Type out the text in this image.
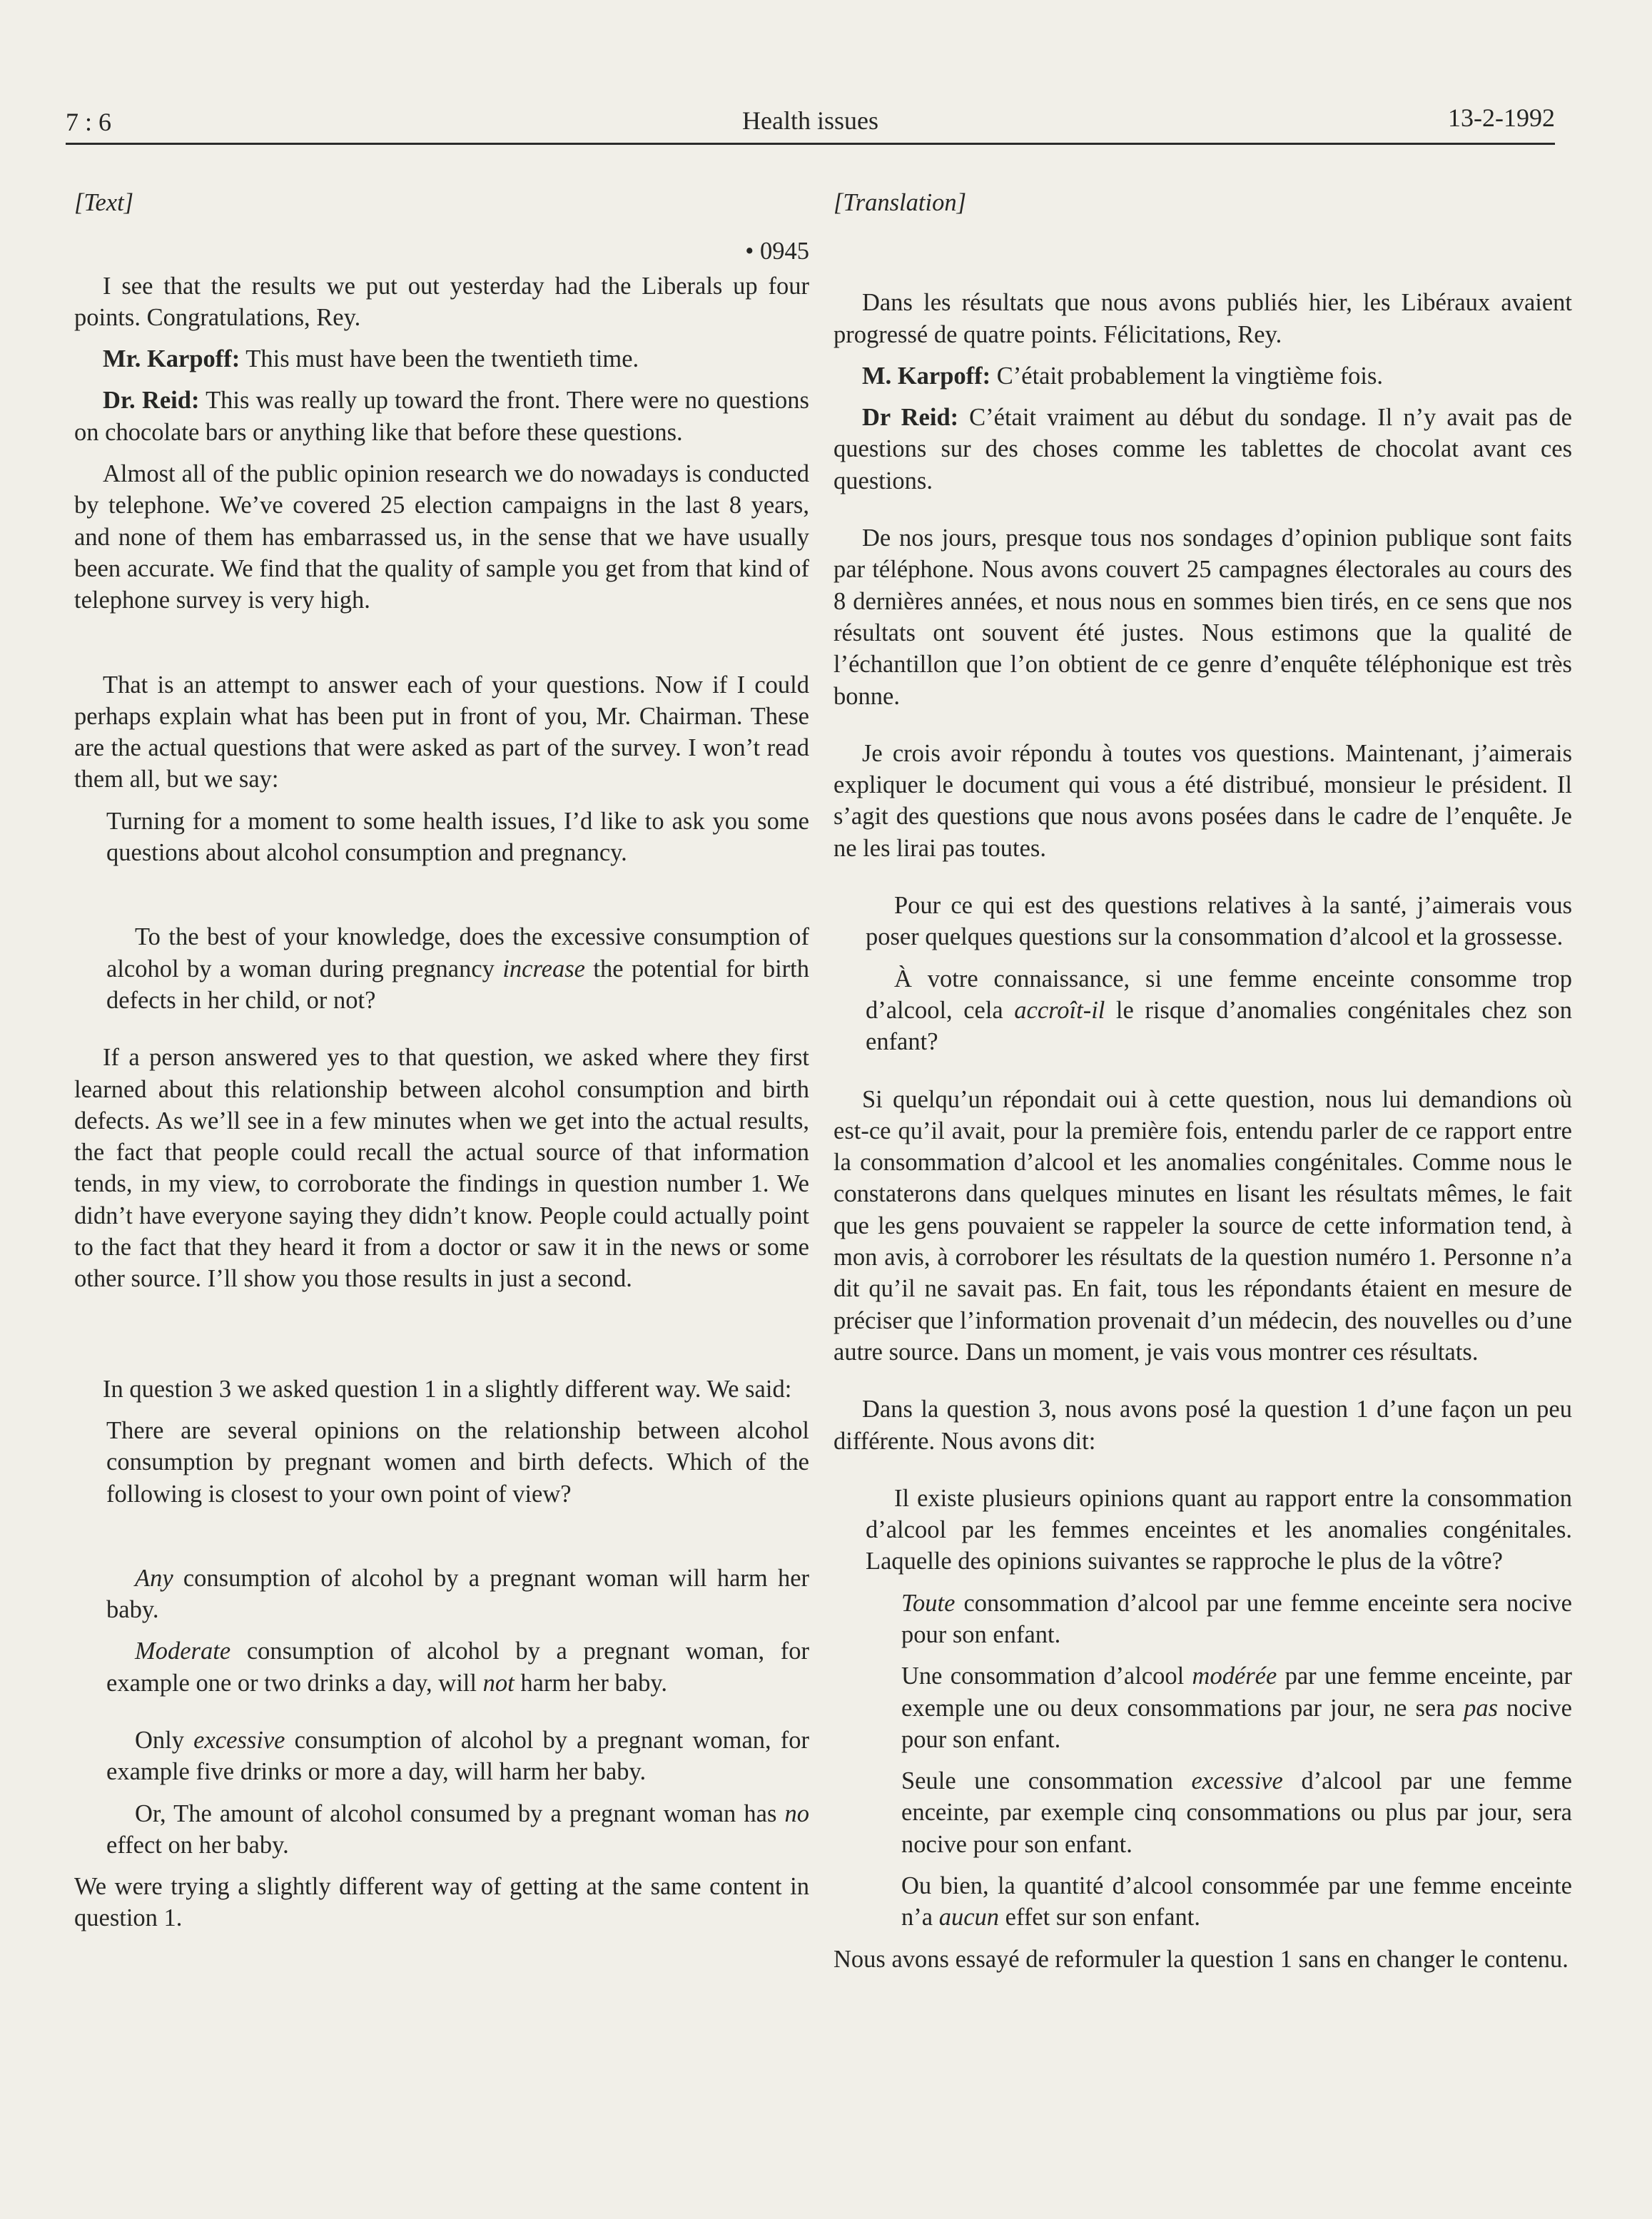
7 : 6	Health issues	13-2-1992

[Text]

• 0945

I see that the results we put out yesterday had the Liberals up four points. Congratulations, Rey.

Mr. Karpoff: This must have been the twentieth time.

Dr. Reid: This was really up toward the front. There were no questions on chocolate bars or anything like that before these questions.

Almost all of the public opinion research we do nowadays is conducted by telephone. We’ve covered 25 election campaigns in the last 8 years, and none of them has embarrassed us, in the sense that we have usually been accurate. We find that the quality of sample you get from that kind of telephone survey is very high.

That is an attempt to answer each of your questions. Now if I could perhaps explain what has been put in front of you, Mr. Chairman. These are the actual questions that were asked as part of the survey. I won’t read them all, but we say:

Turning for a moment to some health issues, I’d like to ask you some questions about alcohol consumption and pregnancy.

To the best of your knowledge, does the excessive consumption of alcohol by a woman during pregnancy increase the potential for birth defects in her child, or not?

If a person answered yes to that question, we asked where they first learned about this relationship between alcohol consumption and birth defects. As we’ll see in a few minutes when we get into the actual results, the fact that people could recall the actual source of that information tends, in my view, to corroborate the findings in question number 1. We didn’t have everyone saying they didn’t know. People could actually point to the fact that they heard it from a doctor or saw it in the news or some other source. I’ll show you those results in just a second.

In question 3 we asked question 1 in a slightly different way. We said:

There are several opinions on the relationship between alcohol consumption by pregnant women and birth defects. Which of the following is closest to your own point of view?

Any consumption of alcohol by a pregnant woman will harm her baby.

Moderate consumption of alcohol by a pregnant woman, for example one or two drinks a day, will not harm her baby.

Only excessive consumption of alcohol by a pregnant woman, for example five drinks or more a day, will harm her baby.

Or, The amount of alcohol consumed by a pregnant woman has no effect on her baby.

We were trying a slightly different way of getting at the same content in question 1.

[Translation]

Dans les résultats que nous avons publiés hier, les Libéraux avaient progressé de quatre points. Félicitations, Rey.

M. Karpoff: C’était probablement la vingtième fois.

Dr Reid: C’était vraiment au début du sondage. Il n’y avait pas de questions sur des choses comme les tablettes de chocolat avant ces questions.

De nos jours, presque tous nos sondages d’opinion publique sont faits par téléphone. Nous avons couvert 25 campagnes électorales au cours des 8 dernières années, et nous nous en sommes bien tirés, en ce sens que nos résultats ont souvent été justes. Nous estimons que la qualité de l’échantillon que l’on obtient de ce genre d’enquête téléphonique est très bonne.

Je crois avoir répondu à toutes vos questions. Maintenant, j’aimerais expliquer le document qui vous a été distribué, monsieur le président. Il s’agit des questions que nous avons posées dans le cadre de l’enquête. Je ne les lirai pas toutes.

Pour ce qui est des questions relatives à la santé, j’aimerais vous poser quelques questions sur la consommation d’alcool et la grossesse.

À votre connaissance, si une femme enceinte consomme trop d’alcool, cela accroît-il le risque d’anomalies congénitales chez son enfant?

Si quelqu’un répondait oui à cette question, nous lui demandions où est-ce qu’il avait, pour la première fois, entendu parler de ce rapport entre la consommation d’alcool et les anomalies congénitales. Comme nous le constaterons dans quelques minutes en lisant les résultats mêmes, le fait que les gens pouvaient se rappeler la source de cette information tend, à mon avis, à corroborer les résultats de la question numéro 1. Personne n’a dit qu’il ne savait pas. En fait, tous les répondants étaient en mesure de préciser que l’information provenait d’un médecin, des nouvelles ou d’une autre source. Dans un moment, je vais vous montrer ces résultats.

Dans la question 3, nous avons posé la question 1 d’une façon un peu différente. Nous avons dit:

Il existe plusieurs opinions quant au rapport entre la consommation d’alcool par les femmes enceintes et les anomalies congénitales. Laquelle des opinions suivantes se rapproche le plus de la vôtre?

Toute consommation d’alcool par une femme enceinte sera nocive pour son enfant.

Une consommation d’alcool modérée par une femme enceinte, par exemple une ou deux consommations par jour, ne sera pas nocive pour son enfant.

Seule une consommation excessive d’alcool par une femme enceinte, par exemple cinq consommations ou plus par jour, sera nocive pour son enfant.

Ou bien, la quantité d’alcool consommée par une femme enceinte n’a aucun effet sur son enfant.

Nous avons essayé de reformuler la question 1 sans en changer le contenu.
